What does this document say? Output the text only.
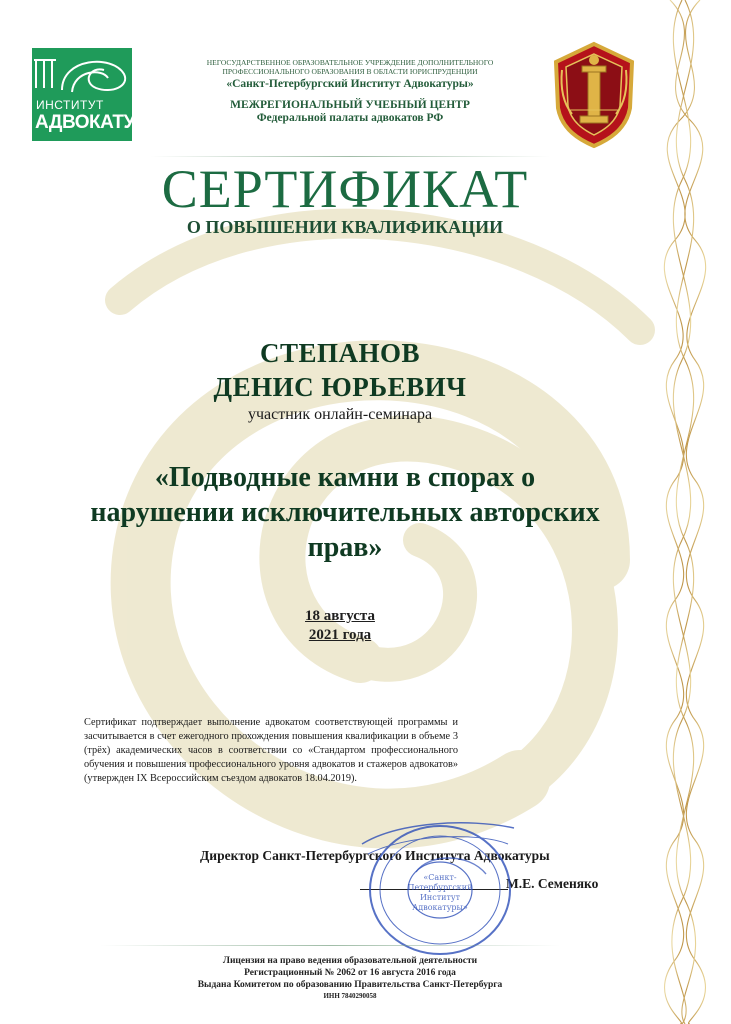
ИНСТИТУТ
АДВОКАТУРЫ
НЕГОСУДАРСТВЕННОЕ ОБРАЗОВАТЕЛЬНОЕ УЧРЕЖДЕНИЕ ДОПОЛНИТЕЛЬНОГО
ПРОФЕССИОНАЛЬНОГО ОБРАЗОВАНИЯ В ОБЛАСТИ ЮРИСПРУДЕНЦИИ
«Санкт-Петербургский Институт Адвокатуры»
МЕЖРЕГИОНАЛЬНЫЙ УЧЕБНЫЙ ЦЕНТР
Федеральной палаты адвокатов РФ
СЕРТИФИКАТ
О ПОВЫШЕНИИ КВАЛИФИКАЦИИ
СТЕПАНОВ
ДЕНИС ЮРЬЕВИЧ
участник онлайн-семинара
«Подводные камни в спорах о нарушении исключительных авторских прав»
18 августа
2021 года
Сертификат подтверждает выполнение адвокатом соответствующей программы и засчитывается в счет ежегодного прохождения повышения квалификации в объеме 3 (трёх) академических часов в соответствии со «Стандартом профессионального обучения и повышения профессионального уровня адвокатов и стажеров адвокатов» (утвержден IX Всероссийским съездом адвокатов 18.04.2019).
Директор Санкт-Петербургского Института Адвокатуры
М.Е. Семеняко
«Санкт-
Петербургский
Институт
Адвокатуры»
Лицензия на право ведения образовательной деятельности
Регистрационный № 2062 от 16 августа 2016 года
Выдана Комитетом по образованию Правительства Санкт-Петербурга
ИНН 7840290058
